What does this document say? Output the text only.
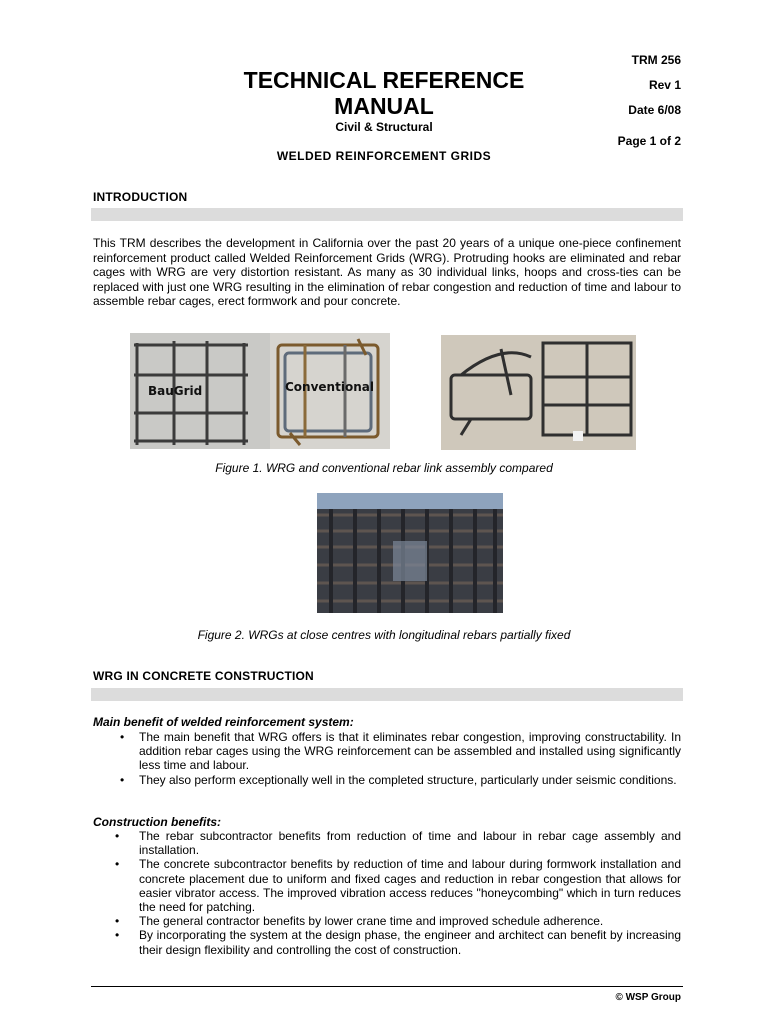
TECHNICAL REFERENCE
MANUAL
Civil & Structural
WELDED REINFORCEMENT GRIDS
TRM 256
Rev 1
Date 6/08
Page 1 of 2
INTRODUCTION
This TRM describes the development in California over the past 20 years of a unique one-piece confinement reinforcement product called Welded Reinforcement Grids (WRG). Protruding hooks are eliminated and rebar cages with WRG are very distortion resistant. As many as 30 individual links, hoops and cross-ties can be replaced with just one WRG resulting in the elimination of rebar congestion and reduction of time and labour to assemble rebar cages, erect formwork and pour concrete.
BauGrid	Conventional
Figure 1. WRG and conventional rebar link assembly compared
Figure 2. WRGs at close centres with longitudinal rebars partially fixed
WRG IN CONCRETE CONSTRUCTION
Main benefit of welded reinforcement system:
• The main benefit that WRG offers is that it eliminates rebar congestion, improving constructability. In addition rebar cages using the WRG reinforcement can be assembled and installed using significantly less time and labour.
• They also perform exceptionally well in the completed structure, particularly under seismic conditions.
Construction benefits:
• The rebar subcontractor benefits from reduction of time and labour in rebar cage assembly and installation.
• The concrete subcontractor benefits by reduction of time and labour during formwork installation and concrete placement due to uniform and fixed cages and reduction in rebar congestion that allows for easier vibrator access. The improved vibration access reduces "honeycombing" which in turn reduces the need for patching.
• The general contractor benefits by lower crane time and improved schedule adherence.
• By incorporating the system at the design phase, the engineer and architect can benefit by increasing their design flexibility and controlling the cost of construction.
© WSP Group
